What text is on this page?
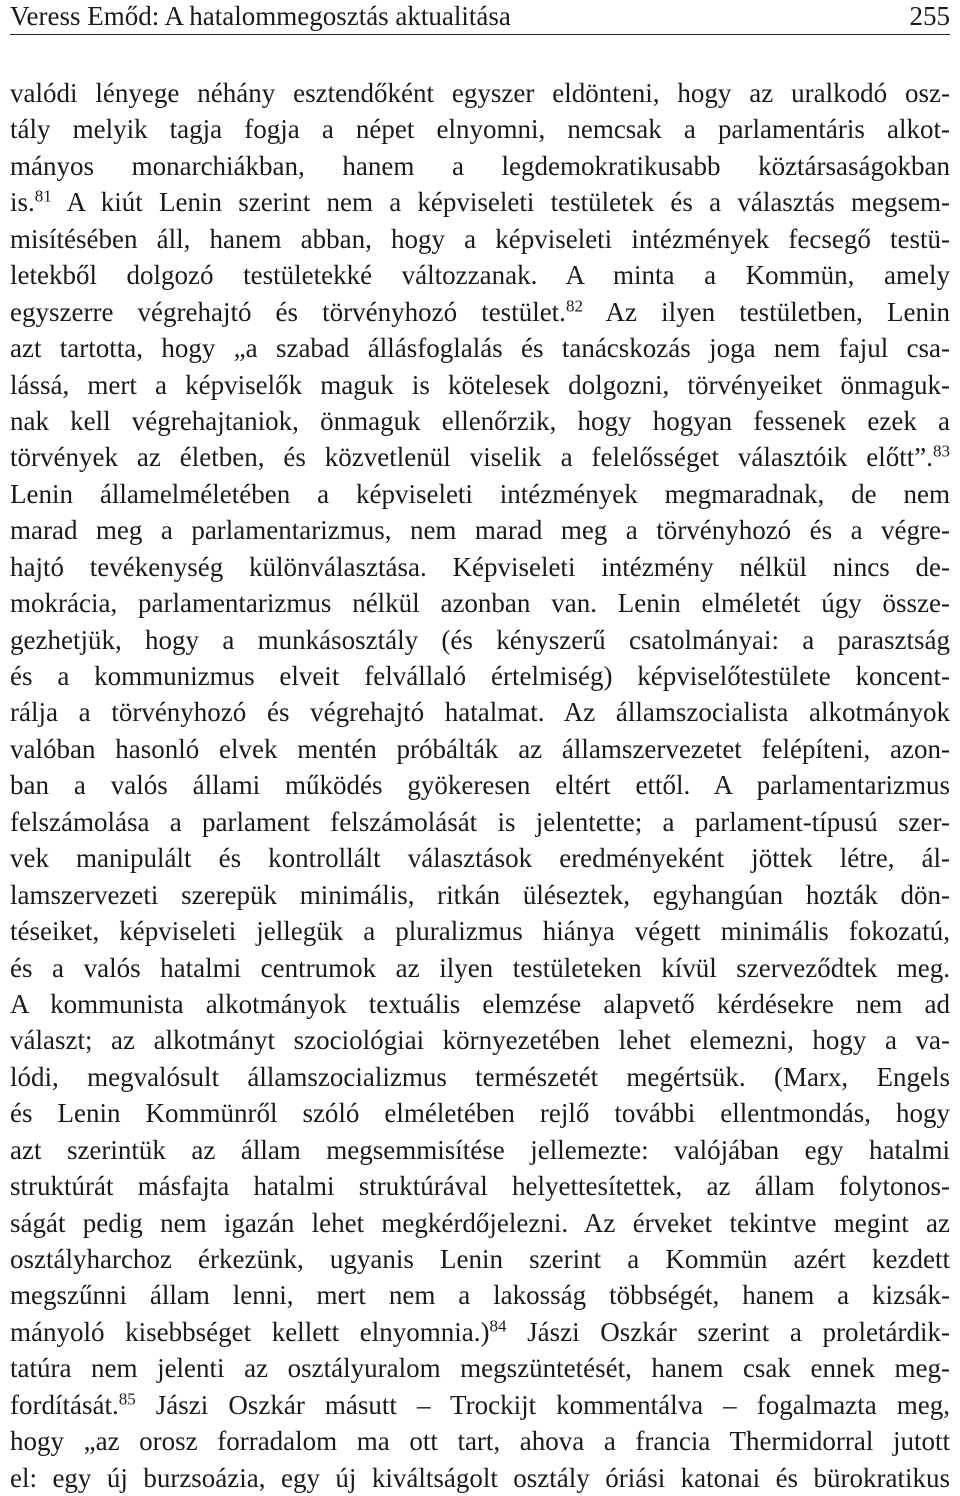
Veress Emőd: A hatalommegosztás aktualitása	255
valódi lényege néhány esztendőként egyszer eldönteni, hogy az uralkodó osz-
tály melyik tagja fogja a népet elnyomni, nemcsak a parlamentáris alkot-
mányos monarchiákban, hanem a legdemokratikusabb köztársaságokban
is.$^{81}$ A kiút Lenin szerint nem a képviseleti testületek és a választás megsem-
misítésében áll, hanem abban, hogy a képviseleti intézmények fecsegő testü-
letekből dolgozó testületekké változzanak. A minta a Kommün, amely
egyszerre végrehajtó és törvényhozó testület.$^{82}$ Az ilyen testületben, Lenin
azt tartotta, hogy „a szabad állásfoglalás és tanácskozás joga nem fajul csa-
lássá, mert a képviselők maguk is kötelesek dolgozni, törvényeiket önmaguk-
nak kell végrehajtaniok, önmaguk ellenőrzik, hogy hogyan fessenek ezek a
törvények az életben, és közvetlenül viselik a felelősséget választóik előtt”.$^{83}$
Lenin államelméletében a képviseleti intézmények megmaradnak, de nem
marad meg a parlamentarizmus, nem marad meg a törvényhozó és a végre-
hajtó tevékenység különválasztása. Képviseleti intézmény nélkül nincs de-
mokrácia, parlamentarizmus nélkül azonban van. Lenin elméletét úgy össze-
gezhetjük, hogy a munkásosztály (és kényszerű csatolmányai: a parasztság
és a kommunizmus elveit felvállaló értelmiség) képviselőtestülete koncent-
rálja a törvényhozó és végrehajtó hatalmat. Az államszocialista alkotmányok
valóban hasonló elvek mentén próbálták az államszervezetet felépíteni, azon-
ban a valós állami működés gyökeresen eltért ettől. A parlamentarizmus
felszámolása a parlament felszámolását is jelentette; a parlament-típusú szer-
vek manipulált és kontrollált választások eredményeként jöttek létre, ál-
lamszervezeti szerepük minimális, ritkán üléseztek, egyhangúan hozták dön-
téseiket, képviseleti jellegük a pluralizmus hiánya végett minimális fokozatú,
és a valós hatalmi centrumok az ilyen testületeken kívül szerveződtek meg.
A kommunista alkotmányok textuális elemzése alapvető kérdésekre nem ad
választ; az alkotmányt szociológiai környezetében lehet elemezni, hogy a va-
lódi, megvalósult államszocializmus természetét megértsük. (Marx, Engels
és Lenin Kommünről szóló elméletében rejlő további ellentmondás, hogy
azt szerintük az állam megsemmisítése jellemezte: valójában egy hatalmi
struktúrát másfajta hatalmi struktúrával helyettesítettek, az állam folytonos-
ságát pedig nem igazán lehet megkérdőjelezni. Az érveket tekintve megint az
osztályharchoz érkezünk, ugyanis Lenin szerint a Kommün azért kezdett
megszűnni állam lenni, mert nem a lakosság többségét, hanem a kizsák-
mányoló kisebbséget kellett elnyomnia.)$^{84}$ Jászi Oszkár szerint a proletárdik-
tatúra nem jelenti az osztályuralom megszüntetését, hanem csak ennek meg-
fordítását.$^{85}$ Jászi Oszkár másutt – Trockijt kommentálva – fogalmazta meg,
hogy „az orosz forradalom ma ott tart, ahova a francia Thermidorral jutott
el: egy új burzsoázia, egy új kiváltságolt osztály óriási katonai és bürokratikus
